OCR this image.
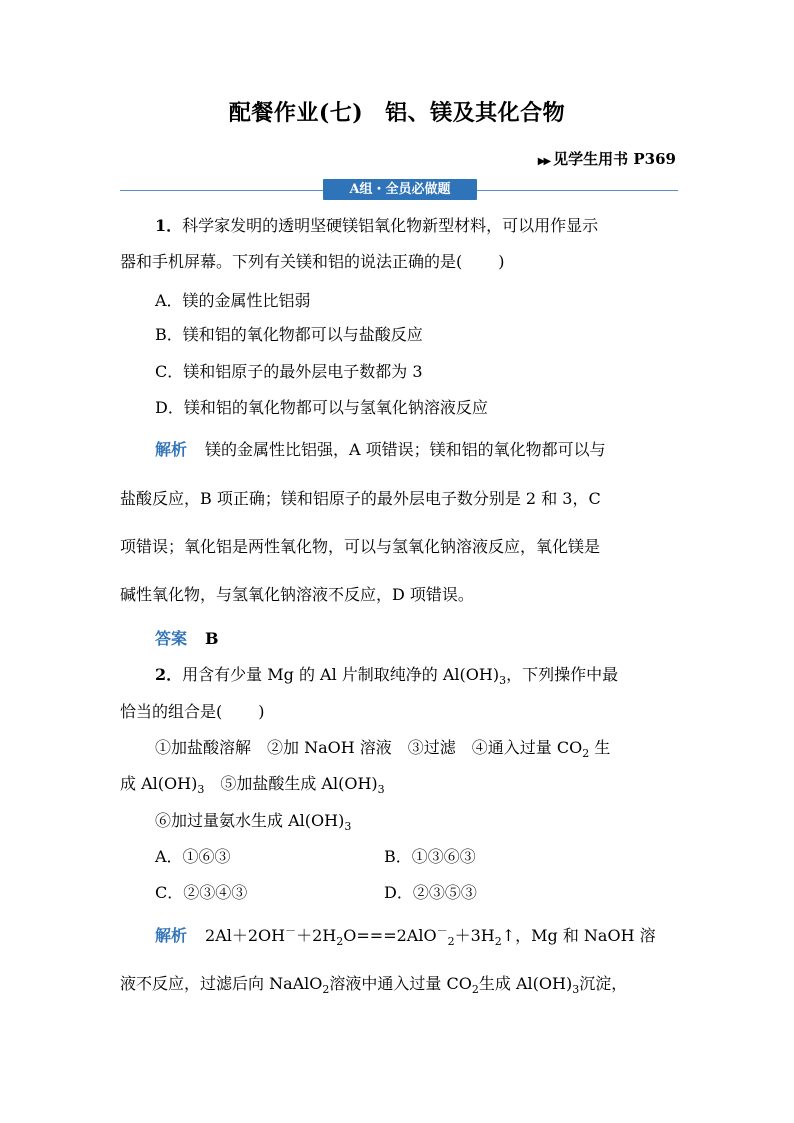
配餐作业(七) 铝、镁及其化合物
▶▶ 见学生用书 P369
A组・全员必做题
1．科学家发明的透明坚硬镁铝氧化物新型材料，可以用作显示
器和手机屏幕。下列有关镁和铝的说法正确的是( )
A．镁的金属性比铝弱
B．镁和铝的氧化物都可以与盐酸反应
C．镁和铝原子的最外层电子数都为 3
D．镁和铝的氧化物都可以与氢氧化钠溶液反应
解析 镁的金属性比铝强，A 项错误；镁和铝的氧化物都可以与
盐酸反应，B 项正确；镁和铝原子的最外层电子数分别是 2 和 3，C
项错误；氧化铝是两性氧化物，可以与氢氧化钠溶液反应，氧化镁是
碱性氧化物，与氢氧化钠溶液不反应，D 项错误。
答案 B
2．用含有少量 Mg 的 Al 片制取纯净的 $Al(OH)_3$，下列操作中最
恰当的组合是( )
①加盐酸溶解　②加 NaOH 溶液　③过滤　④通入过量 $CO_2$ 生
成 $Al(OH)_3$　⑤加盐酸生成 $Al(OH)_3$
⑥加过量氨水生成 $Al(OH)_3$
A．①⑥③	B．①③⑥③
C．②③④③	D．②③⑤③
解析 $2Al+2OH^-+2H_2O===2AlO^-_2+3H_2↑$，Mg 和 NaOH 溶
液不反应，过滤后向 NaAlO$_2$溶液中通入过量 $CO_2$生成 $Al(OH)_3$沉淀，
